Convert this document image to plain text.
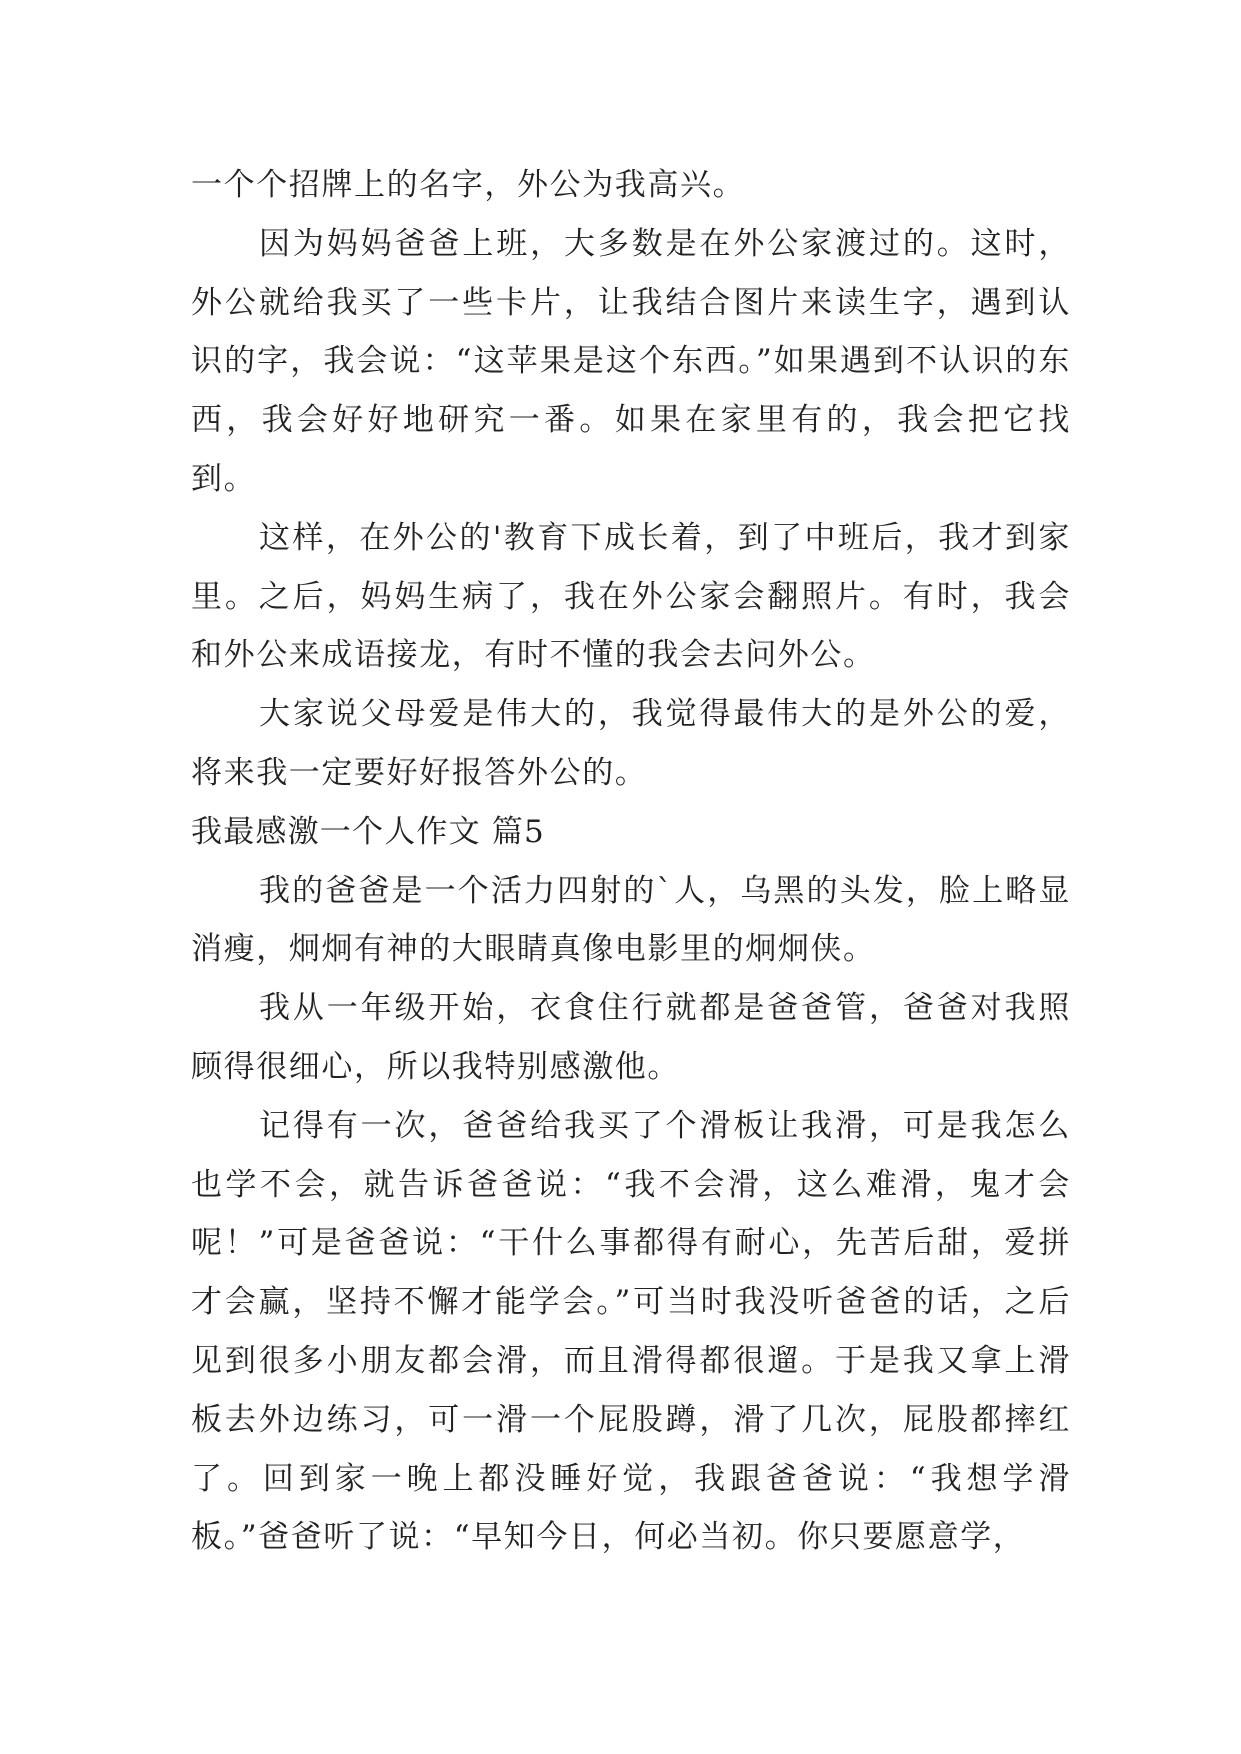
一个个招牌上的名字，外公为我高兴。

因为妈妈爸爸上班，大多数是在外公家渡过的。这时，外公就给我买了一些卡片，让我结合图片来读生字，遇到认识的字，我会说：“这苹果是这个东西。”如果遇到不认识的东西，我会好好地研究一番。如果在家里有的，我会把它找到。

这样，在外公的'教育下成长着，到了中班后，我才到家里。之后，妈妈生病了，我在外公家会翻照片。有时，我会和外公来成语接龙，有时不懂的我会去问外公。

大家说父母爱是伟大的，我觉得最伟大的是外公的爱，将来我一定要好好报答外公的。

我最感激一个人作文 篇5

我的爸爸是一个活力四射的`人，乌黑的头发，脸上略显消瘦，炯炯有神的大眼睛真像电影里的炯炯侠。

我从一年级开始，衣食住行就都是爸爸管，爸爸对我照顾得很细心，所以我特别感激他。

记得有一次，爸爸给我买了个滑板让我滑，可是我怎么也学不会，就告诉爸爸说：“我不会滑，这么难滑，鬼才会呢！”可是爸爸说：“干什么事都得有耐心，先苦后甜，爱拼才会赢，坚持不懈才能学会。”可当时我没听爸爸的话，之后见到很多小朋友都会滑，而且滑得都很遛。于是我又拿上滑板去外边练习，可一滑一个屁股蹲，滑了几次，屁股都摔红了。回到家一晚上都没睡好觉，我跟爸爸说：“我想学滑板。”爸爸听了说：“早知今日，何必当初。你只要愿意学，
